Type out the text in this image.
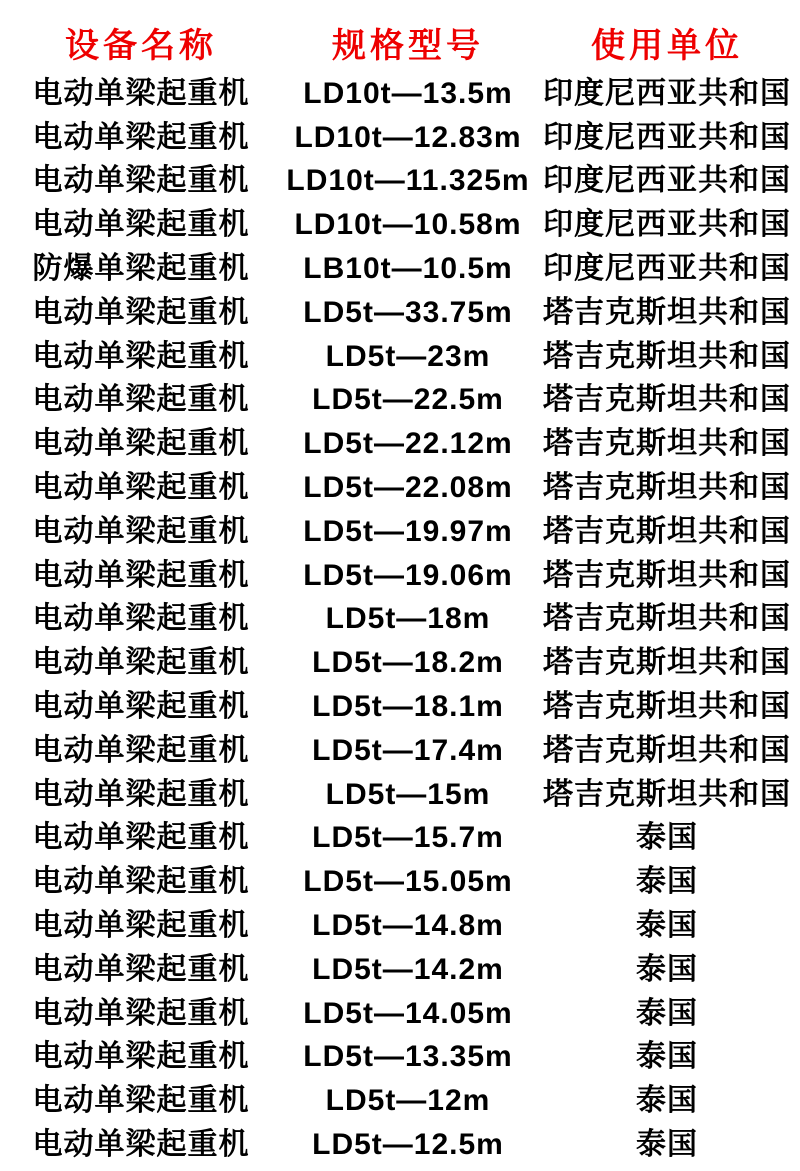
设备名称	规格型号	使用单位
电动单梁起重机	LD10t—13.5m	印度尼西亚共和国
电动单梁起重机	LD10t—12.83m 印度尼西亚共和国
电动单梁起重机	LD10t—11.325m 印度尼西亚共和国
电动单梁起重机	LD10t—10.58m 印度尼西亚共和国
防爆单梁起重机	LB10t—10.5m	印度尼西亚共和国
电动单梁起重机	LD5t—33.75m	塔吉克斯坦共和国
电动单梁起重机	LD5t—23m	塔吉克斯坦共和国
电动单梁起重机	LD5t—22.5m	塔吉克斯坦共和国
电动单梁起重机	LD5t—22.12m	塔吉克斯坦共和国
电动单梁起重机	LD5t—22.08m	塔吉克斯坦共和国
电动单梁起重机	LD5t—19.97m	塔吉克斯坦共和国
电动单梁起重机	LD5t—19.06m	塔吉克斯坦共和国
电动单梁起重机	LD5t—18m	塔吉克斯坦共和国
电动单梁起重机	LD5t—18.2m	塔吉克斯坦共和国
电动单梁起重机	LD5t—18.1m	塔吉克斯坦共和国
电动单梁起重机	LD5t—17.4m	塔吉克斯坦共和国
电动单梁起重机	LD5t—15m	塔吉克斯坦共和国
电动单梁起重机	LD5t—15.7m	泰国
电动单梁起重机	LD5t—15.05m	泰国
电动单梁起重机	LD5t—14.8m	泰国
电动单梁起重机	LD5t—14.2m	泰国
电动单梁起重机	LD5t—14.05m	泰国
电动单梁起重机	LD5t—13.35m	泰国
电动单梁起重机	LD5t—12m	泰国
电动单梁起重机	LD5t—12.5m	泰国
